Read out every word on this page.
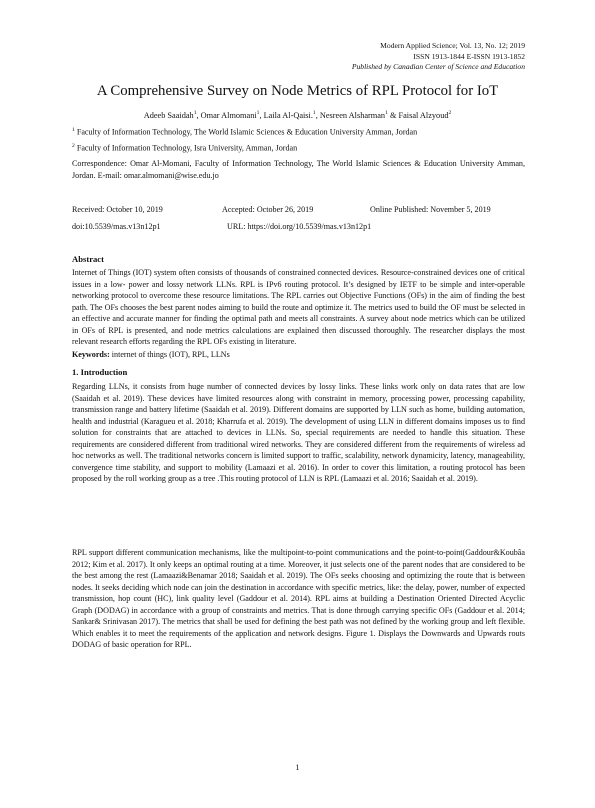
Modern Applied Science; Vol. 13, No. 12; 2019
ISSN 1913-1844 E-ISSN 1913-1852
Published by Canadian Center of Science and Education
A Comprehensive Survey on Node Metrics of RPL Protocol for IoT
Adeeb Saaidah$^1$, Omar Almomani$^1$, Laila Al-Qaisi.$^1$, Nesreen Alsharman$^1$ & Faisal Alzyoud$^2$
$^1$ Faculty of Information Technology, The World Islamic Sciences & Education University Amman, Jordan
$^2$ Faculty of Information Technology, Isra University, Amman, Jordan
Correspondence: Omar Al-Momani, Faculty of Information Technology, The World Islamic Sciences & Education University Amman, Jordan. E-mail: omar.almomani@wise.edu.jo
Received: October 10, 2019	Accepted: October 26, 2019	Online Published: November 5, 2019
doi:10.5539/mas.v13n12p1	URL: https://doi.org/10.5539/mas.v13n12p1
Abstract
Internet of Things (IOT) system often consists of thousands of constrained connected devices. Resource-constrained devices one of critical issues in a low- power and lossy network LLNs. RPL is IPv6 routing protocol. It’s designed by IETF to be simple and inter-operable networking protocol to overcome these resource limitations. The RPL carries out Objective Functions (OFs) in the aim of finding the best path. The OFs chooses the best parent nodes aiming to build the route and optimize it. The metrics used to build the OF must be selected in an effective and accurate manner for finding the optimal path and meets all constraints. A survey about node metrics which can be utilized in OFs of RPL is presented, and node metrics calculations are explained then discussed thoroughly. The researcher displays the most relevant research efforts regarding the RPL OFs existing in literature.
Keywords: internet of things (IOT), RPL, LLNs
1. Introduction
Regarding LLNs, it consists from huge number of connected devices by lossy links. These links work only on data rates that are low (Saaidah et al. 2019). These devices have limited resources along with constraint in memory, processing power, processing capability, transmission range and battery lifetime (Saaidah et al. 2019). Different domains are supported by LLN such as home, building automation, health and industrial (Karagueu et al. 2018; Kharrufa et al. 2019). The development of using LLN in different domains imposes us to find solution for constraints that are attached to devices in LLNs. So, special requirements are needed to handle this situation. These requirements are considered different from traditional wired networks. They are considered different from the requirements of wireless ad hoc networks as well. The traditional networks concern is limited support to traffic, scalability, network dynamicity, latency, manageability, convergence time stability, and support to mobility (Lamaazi et al. 2016). In order to cover this limitation, a routing protocol has been proposed by the roll working group as a tree .This routing protocol of LLN is RPL (Lamaazi et al. 2016; Saaidah et al. 2019).
RPL support different communication mechanisms, like the multipoint-to-point communications and the point-to-point(Gaddour&Koubâa 2012; Kim et al. 2017). It only keeps an optimal routing at a time. Moreover, it just selects one of the parent nodes that are considered to be the best among the rest (Lamaazi&Benamar 2018; Saaidah et al. 2019). The OFs seeks choosing and optimizing the route that is between nodes. It seeks deciding which node can join the destination in accordance with specific metrics, like: the delay, power, number of expected transmission, hop count (HC), link quality level (Gaddour et al. 2014). RPL aims at building a Destination Oriented Directed Acyclic Graph (DODAG) in accordance with a group of constraints and metrics. That is done through carrying specific OFs (Gaddour et al. 2014; Sankar& Srinivasan 2017). The metrics that shall be used for defining the best path was not defined by the working group and left flexible. Which enables it to meet the requirements of the application and network designs. Figure 1. Displays the Downwards and Upwards routs DODAG of basic operation for RPL.
1
